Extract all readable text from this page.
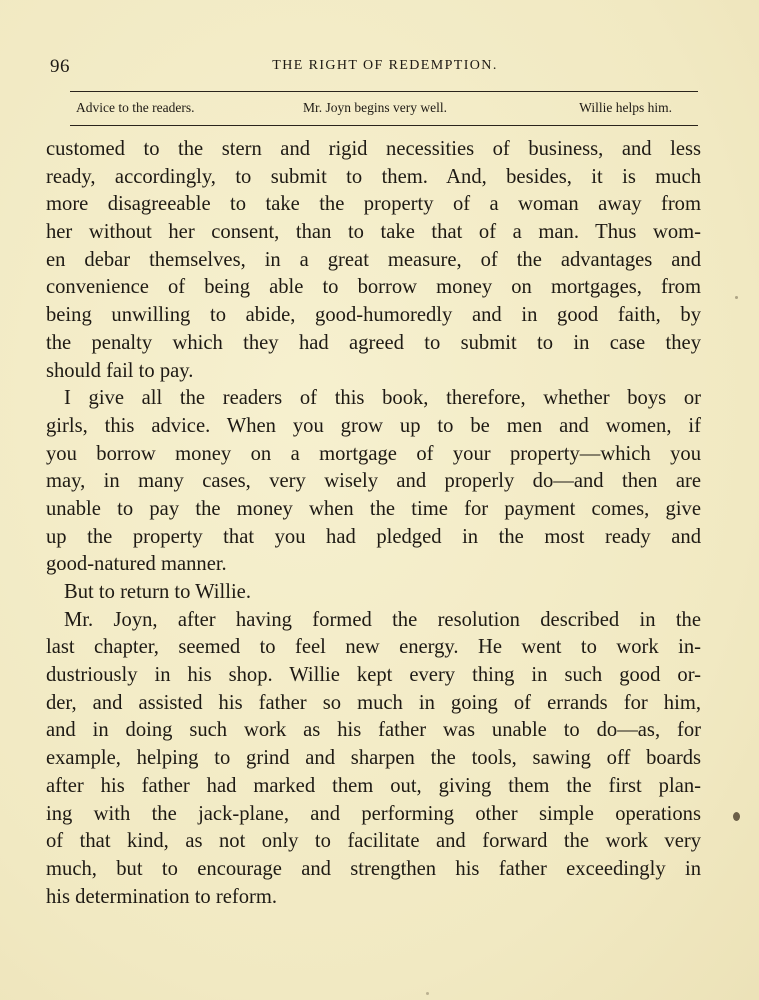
96	THE RIGHT OF REDEMPTION.
Advice to the readers.	Mr. Joyn begins very well.	Willie helps him.
customed to the stern and rigid necessities of business, and less
ready, accordingly, to submit to them. And, besides, it is much
more disagreeable to take the property of a woman away from
her without her consent, than to take that of a man. Thus wom-
en debar themselves, in a great measure, of the advantages and
convenience of being able to borrow money on mortgages, from
being unwilling to abide, good-humoredly and in good faith, by
the penalty which they had agreed to submit to in case they
should fail to pay.
I give all the readers of this book, therefore, whether boys or
girls, this advice. When you grow up to be men and women, if
you borrow money on a mortgage of your property—which you
may, in many cases, very wisely and properly do—and then are
unable to pay the money when the time for payment comes, give
up the property that you had pledged in the most ready and
good-natured manner.
But to return to Willie.
Mr. Joyn, after having formed the resolution described in the
last chapter, seemed to feel new energy. He went to work in-
dustriously in his shop. Willie kept every thing in such good or-
der, and assisted his father so much in going of errands for him,
and in doing such work as his father was unable to do—as, for
example, helping to grind and sharpen the tools, sawing off boards
after his father had marked them out, giving them the first plan-
ing with the jack-plane, and performing other simple operations
of that kind, as not only to facilitate and forward the work very
much, but to encourage and strengthen his father exceedingly in
his determination to reform.
